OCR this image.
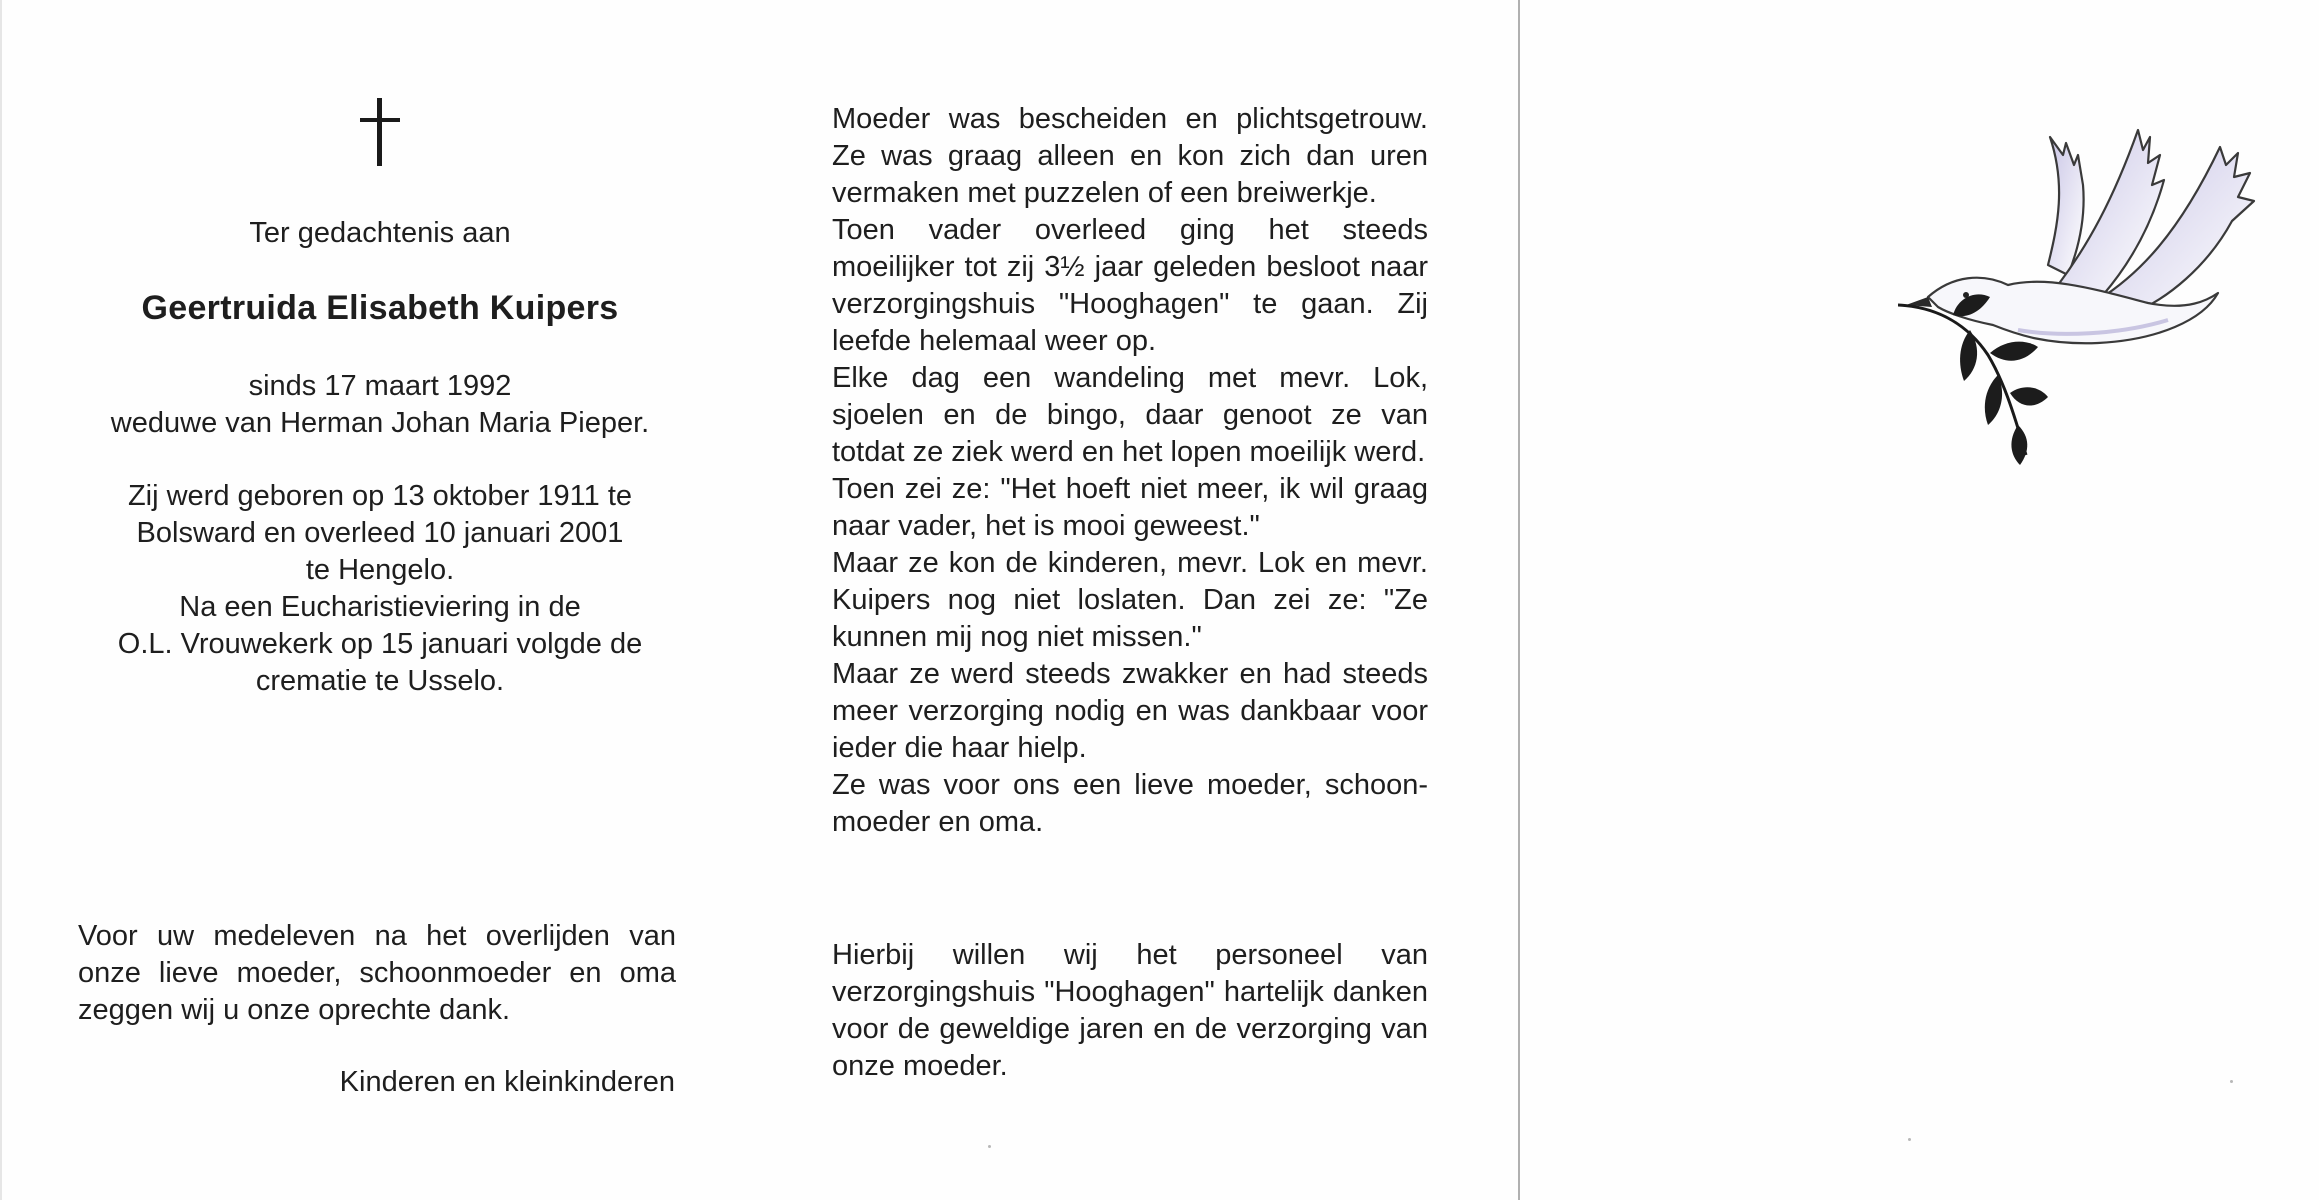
Ter gedachtenis aan
Geertruida Elisabeth Kuipers
sinds 17 maart 1992
weduwe van Herman Johan Maria Pieper.
Zij werd geboren op 13 oktober 1911 te
Bolsward en overleed 10 januari 2001
te Hengelo.
Na een Eucharistieviering in de
O.L. Vrouwekerk op 15 januari volgde de
crematie te Usselo.
Voor uw medeleven na het overlijden van onze lieve moeder, schoonmoeder en oma zeggen wij u onze oprechte dank.
Kinderen en kleinkinderen
Moeder was bescheiden en plichtsgetrouw. Ze was graag alleen en kon zich dan uren vermaken met puzzelen of een breiwerkje.
Toen vader overleed ging het steeds moeilijker tot zij 3½ jaar geleden besloot naar verzorgingshuis "Hooghagen" te gaan. Zij leefde helemaal weer op.
Elke dag een wandeling met mevr. Lok, sjoelen en de bingo, daar genoot ze van totdat ze ziek werd en het lopen moeilijk werd.
Toen zei ze: "Het hoeft niet meer, ik wil graag naar vader, het is mooi geweest."
Maar ze kon de kinderen, mevr. Lok en mevr. Kuipers nog niet loslaten. Dan zei ze: "Ze kunnen mij nog niet missen."
Maar ze werd steeds zwakker en had steeds meer verzorging nodig en was dankbaar voor ieder die haar hielp.
Ze was voor ons een lieve moeder, schoon-moeder en oma.
Hierbij willen wij het personeel van verzorgingshuis "Hooghagen" hartelijk danken voor de geweldige jaren en de verzorging van onze moeder.
